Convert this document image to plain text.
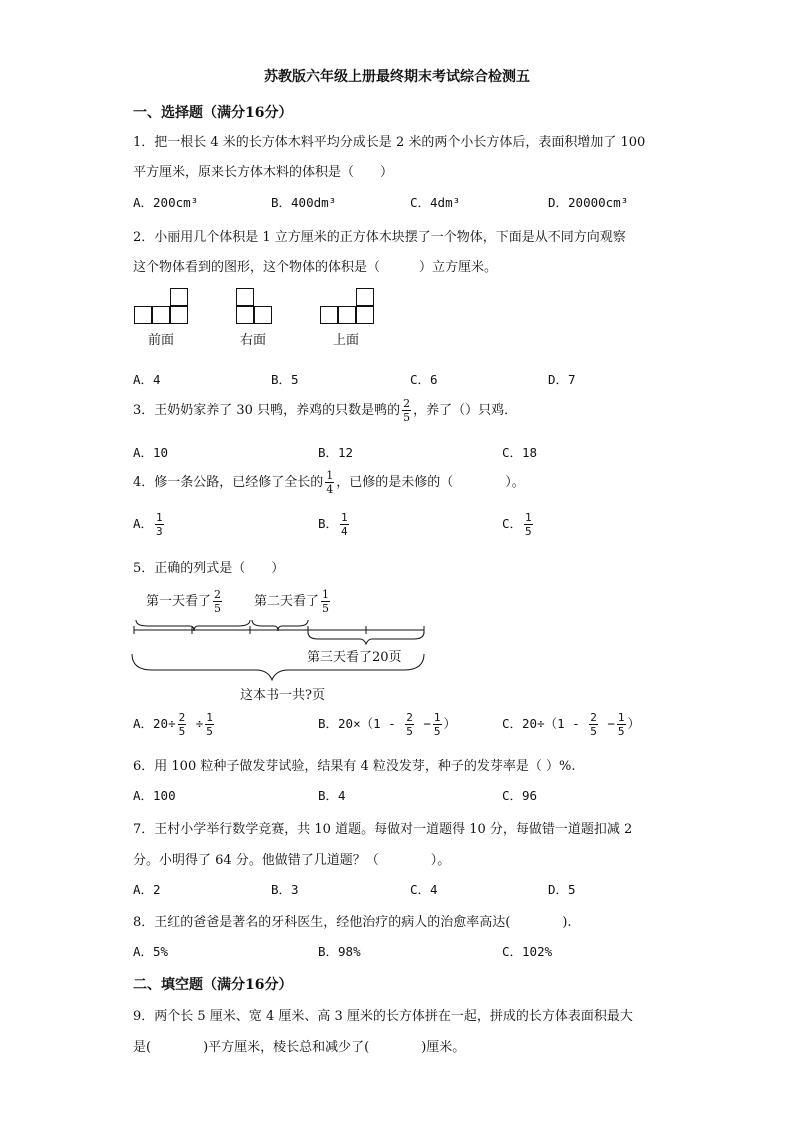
苏教版六年级上册最终期末考试综合检测五
一、选择题（满分16分）
1．把一根长 4 米的长方体木料平均分成长是 2 米的两个小长方体后，表面积增加了 100
平方厘米，原来长方体木料的体积是（　　）
A．200cm³	B．400dm³	C．4dm³	D．20000cm³
2．小丽用几个体积是 1 立方厘米的正方体木块摆了一个物体，下面是从不同方向观察
这个物体看到的图形，这个物体的体积是（　　　）立方厘米。
前面	右面	上面
A．4	B．5	C．6	D．7
3．王奶奶家养了 30 只鸭，养鸡的只数是鸭的 $\frac{2}{5}$ ，养了（）只鸡．
A．10	B．12	C．18
4．修一条公路，已经修了全长的 $\frac{1}{4}$ ，已修的是未修的（　　　　）。
A． $\frac{1}{3}$	B． $\frac{1}{4}$	C． $\frac{1}{5}$
5．正确的列式是（　　）
第一天看了 $\frac{2}{5}$ 第二天看了 $\frac{1}{5}$
第三天看了20页
这本书一共?页
A．$20\div \frac{2}{5} \div \frac{1}{5}$	B．$20\times(1 - \frac{2}{5} - \frac{1}{5}$ ）	C．$20\div(1 - \frac{2}{5} - \frac{1}{5}$ ）
6．用 100 粒种子做发芽试验，结果有 4 粒没发芽，种子的发芽率是（ ）%.
A．100	B．4	C．96
7．王村小学举行数学竞赛，共 10 道题。每做对一道题得 10 分，每做错一道题扣减 2
分。小明得了 64 分。他做错了几道题？（　　　　）。
A．2	B．3	C．4	D．5
8．王红的爸爸是著名的牙科医生，经他治疗的病人的治愈率高达(　　　　).
A．5%	B．98%	C．102%
二、填空题（满分16分）
9．两个长 5 厘米、宽 4 厘米、高 3 厘米的长方体拼在一起，拼成的长方体表面积最大
是(　　　　)平方厘米，棱长总和减少了(　　　　)厘米。
